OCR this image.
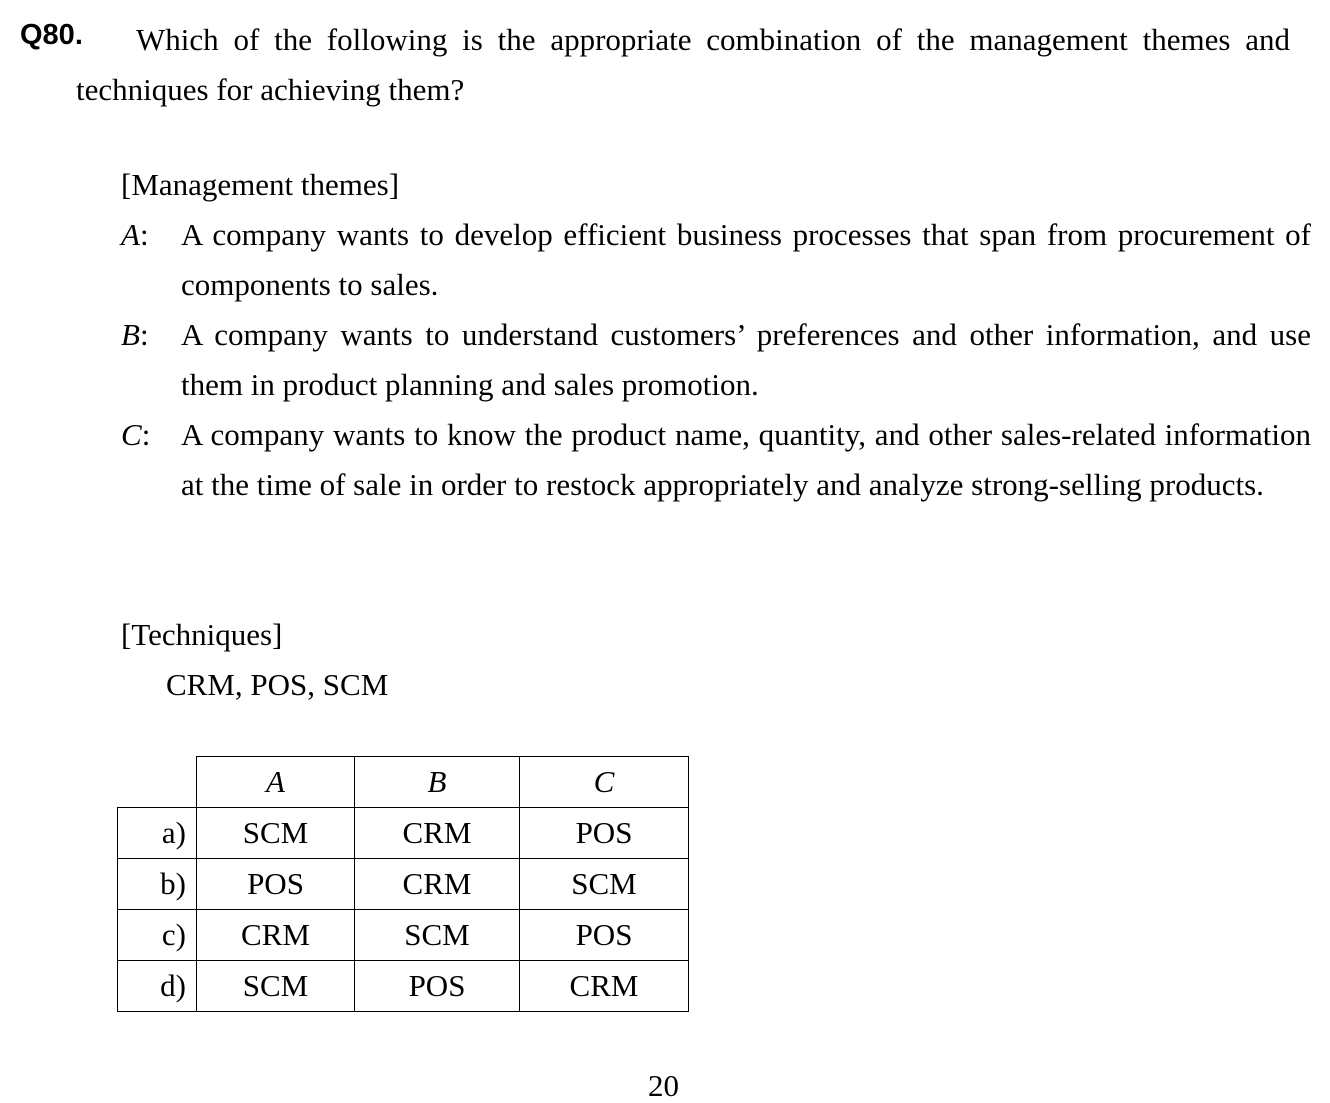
Q80.	Which of the following is the appropriate combination of the management themes and techniques for achieving them?
[Management themes]
A: A company wants to develop efficient business processes that span from procurement of components to sales.
B: A company wants to understand customers’ preferences and other information, and use them in product planning and sales promotion.
C: A company wants to know the product name, quantity, and other sales-related information at the time of sale in order to restock appropriately and analyze strong-selling products.
[Techniques]
CRM, POS, SCM
	A	B	C
a)	SCM	CRM	POS
b)	POS	CRM	SCM
c)	CRM	SCM	POS
d)	SCM	POS	CRM
20
